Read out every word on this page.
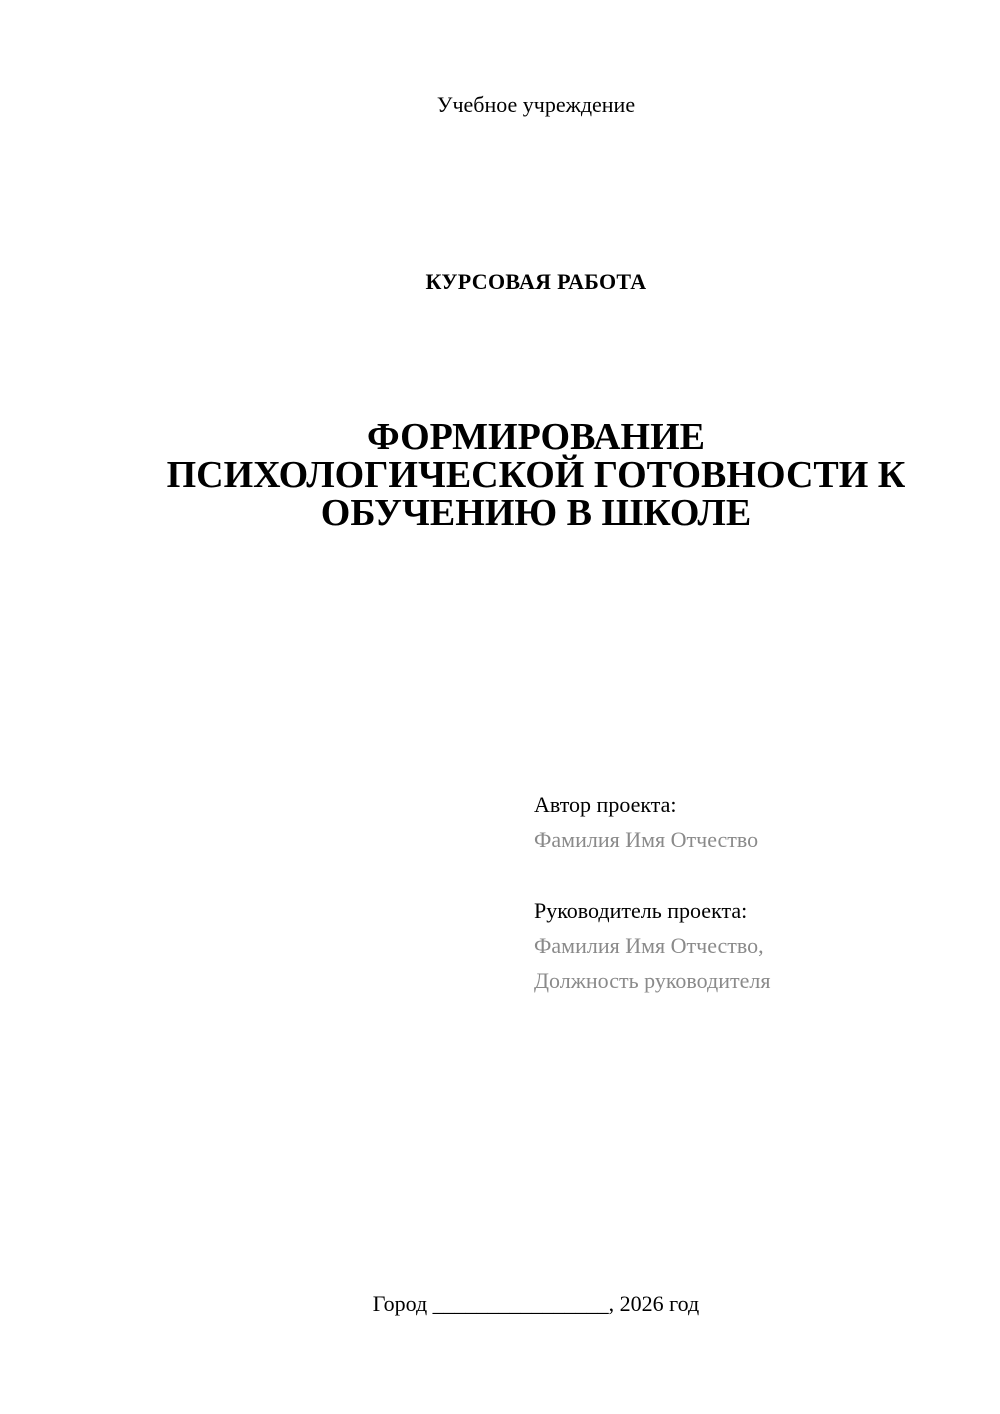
Учебное учреждение
КУРСОВАЯ РАБОТА
ФОРМИРОВАНИЕ
ПСИХОЛОГИЧЕСКОЙ ГОТОВНОСТИ К
ОБУЧЕНИЮ В ШКОЛЕ
Автор проекта:
Фамилия Имя Отчество
Руководитель проекта:
Фамилия Имя Отчество,
Должность руководителя
Город ________________, 2026 год
